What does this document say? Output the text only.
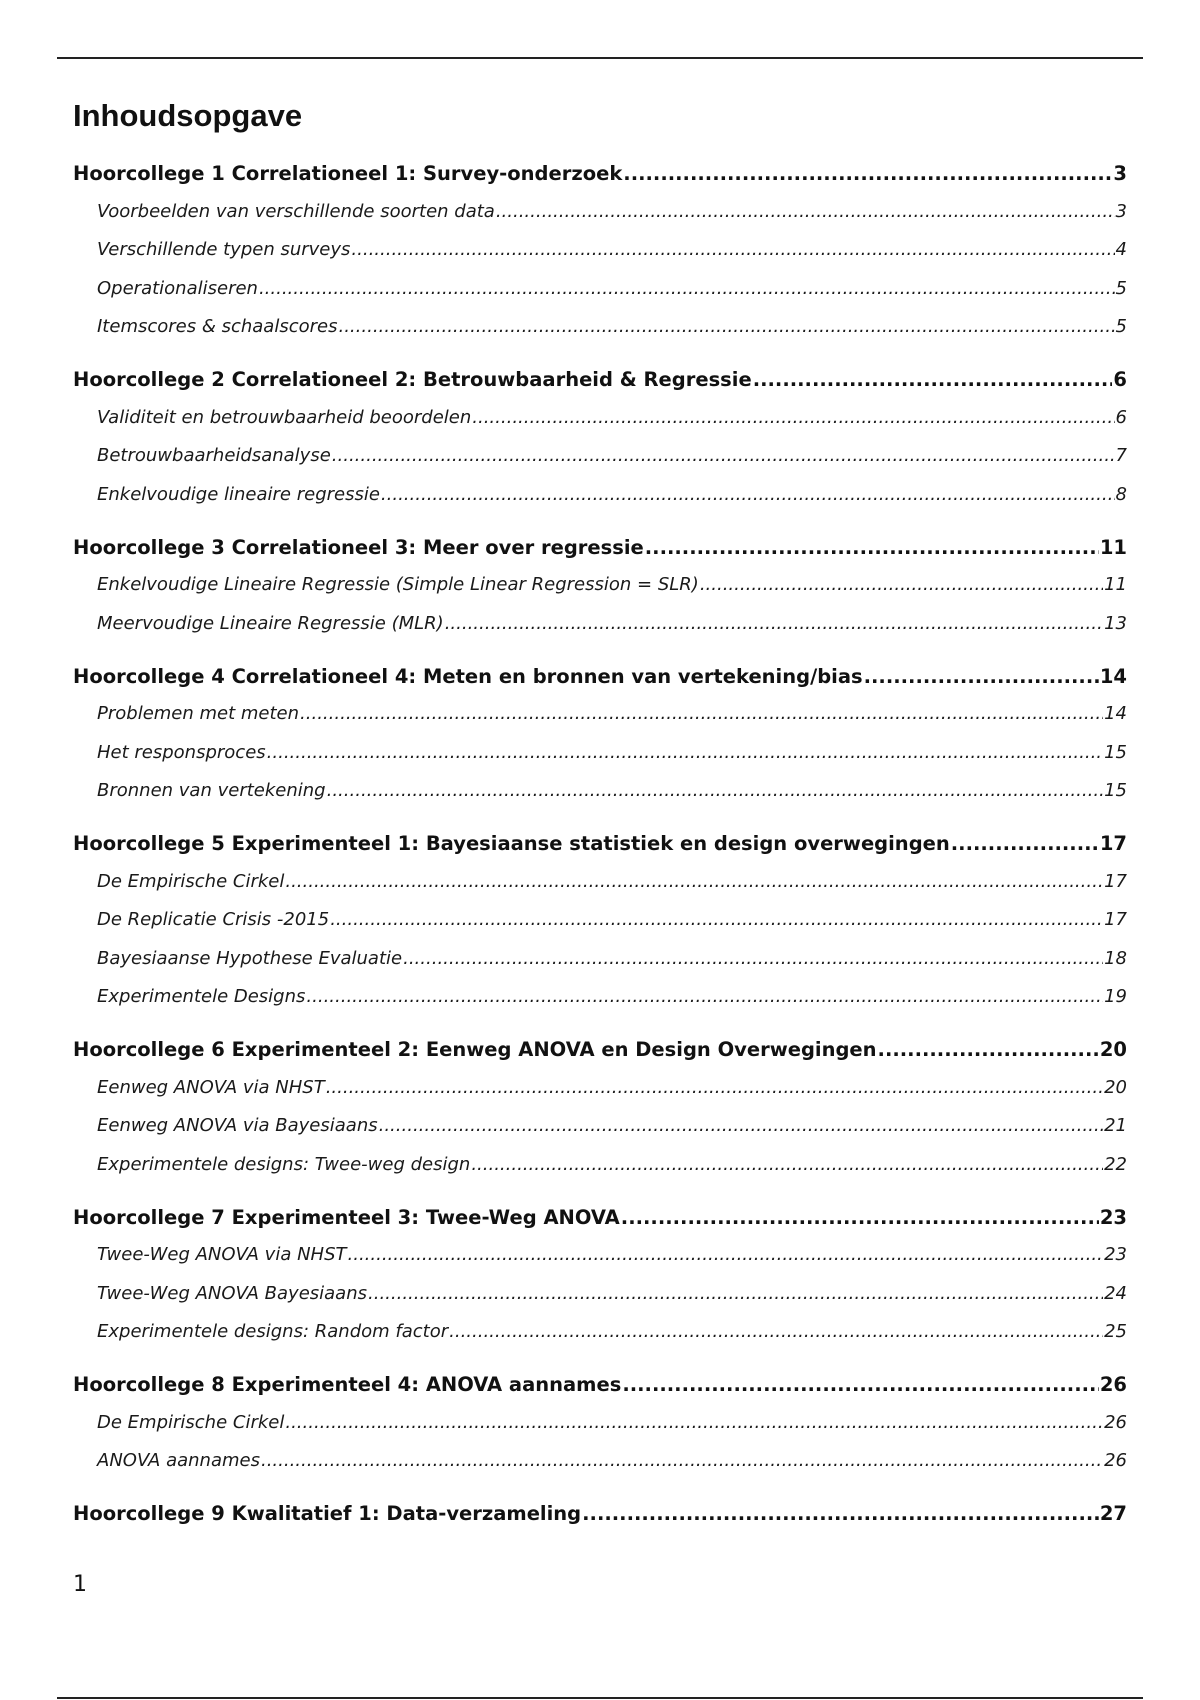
Inhoudsopgave
Hoorcollege 1 Correlationeel 1: Survey-onderzoek .....	3
Voorbeelden van verschillende soorten data .....	3
Verschillende typen surveys .....	4
Operationaliseren .....	5
Itemscores & schaalscores .....	5
Hoorcollege 2 Correlationeel 2: Betrouwbaarheid & Regressie .....	6
Validiteit en betrouwbaarheid beoordelen .....	6
Betrouwbaarheidsanalyse .....	7
Enkelvoudige lineaire regressie .....	8
Hoorcollege 3 Correlationeel 3: Meer over regressie .....	11
Enkelvoudige Lineaire Regressie (Simple Linear Regression = SLR) .....	11
Meervoudige Lineaire Regressie (MLR) .....	13
Hoorcollege 4 Correlationeel 4: Meten en bronnen van vertekening/bias .....	14
Problemen met meten .....	14
Het responsproces .....	15
Bronnen van vertekening .....	15
Hoorcollege 5 Experimenteel 1: Bayesiaanse statistiek en design overwegingen .....	17
De Empirische Cirkel .....	17
De Replicatie Crisis -2015 .....	17
Bayesiaanse Hypothese Evaluatie .....	18
Experimentele Designs .....	19
Hoorcollege 6 Experimenteel 2: Eenweg ANOVA en Design Overwegingen .....	20
Eenweg ANOVA via NHST .....	20
Eenweg ANOVA via Bayesiaans .....	21
Experimentele designs: Twee-weg design .....	22
Hoorcollege 7 Experimenteel 3: Twee-Weg ANOVA .....	23
Twee-Weg ANOVA via NHST .....	23
Twee-Weg ANOVA Bayesiaans .....	24
Experimentele designs: Random factor .....	25
Hoorcollege 8 Experimenteel 4: ANOVA aannames .....	26
De Empirische Cirkel .....	26
ANOVA aannames .....	26
Hoorcollege 9 Kwalitatief 1: Data-verzameling .....	27
1
